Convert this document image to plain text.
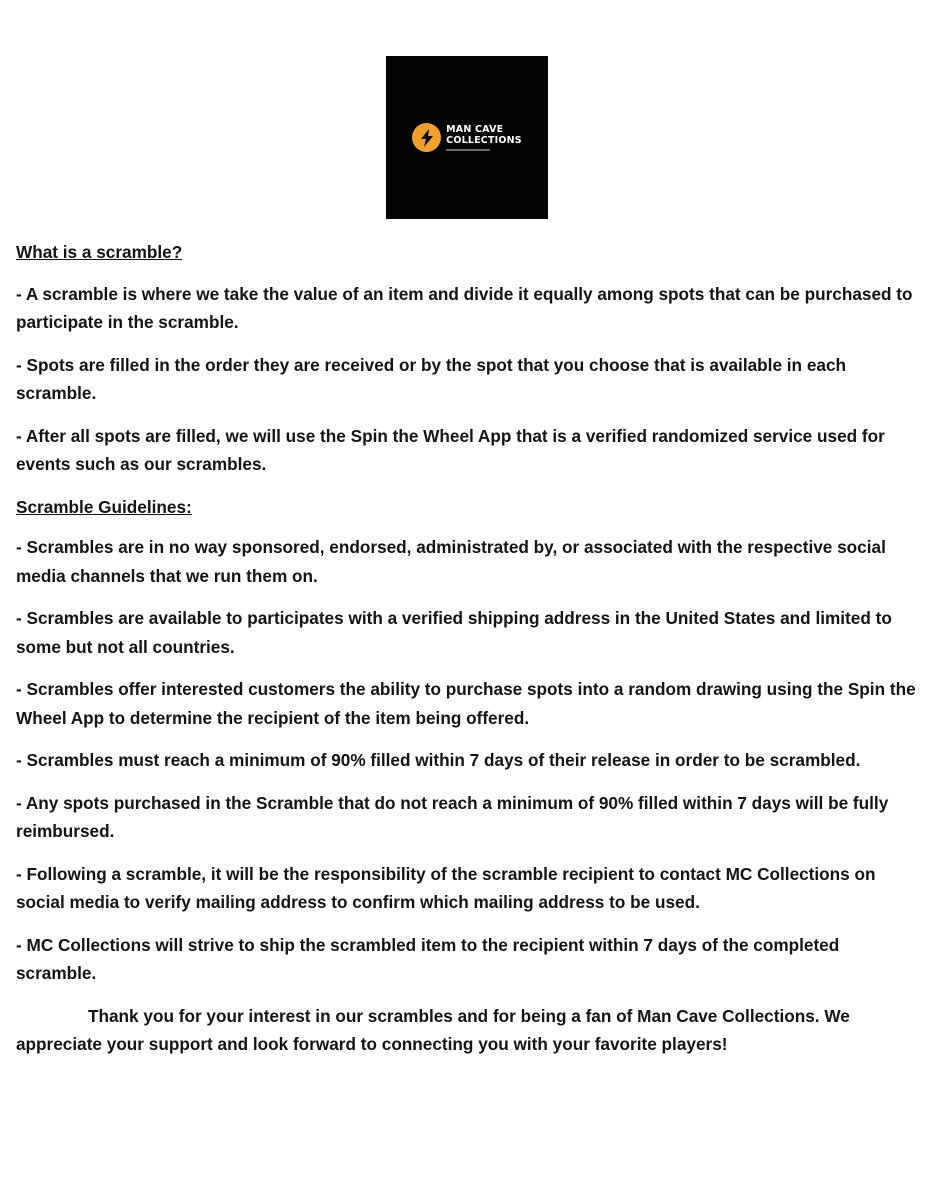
MAN CAVE
COLLECTIONS
What is a scramble?
- A scramble is where we take the value of an item and divide it equally among spots that can be purchased to participate in the scramble.
- Spots are filled in the order they are received or by the spot that you choose that is available in each scramble.
- After all spots are filled, we will use the Spin the Wheel App that is a verified randomized service used for events such as our scrambles.
Scramble Guidelines:
- Scrambles are in no way sponsored, endorsed, administrated by, or associated with the respective social media channels that we run them on.
- Scrambles are available to participates with a verified shipping address in the United States and limited to some but not all countries.
- Scrambles offer interested customers the ability to purchase spots into a random drawing using the Spin the Wheel App to determine the recipient of the item being offered.
- Scrambles must reach a minimum of 90% filled within 7 days of their release in order to be scrambled.
- Any spots purchased in the Scramble that do not reach a minimum of 90% filled within 7 days will be fully reimbursed.
- Following a scramble, it will be the responsibility of the scramble recipient to contact MC Collections on social media to verify mailing address to confirm which mailing address to be used.
- MC Collections will strive to ship the scrambled item to the recipient within 7 days of the completed scramble.
Thank you for your interest in our scrambles and for being a fan of Man Cave Collections. We appreciate your support and look forward to connecting you with your favorite players!
